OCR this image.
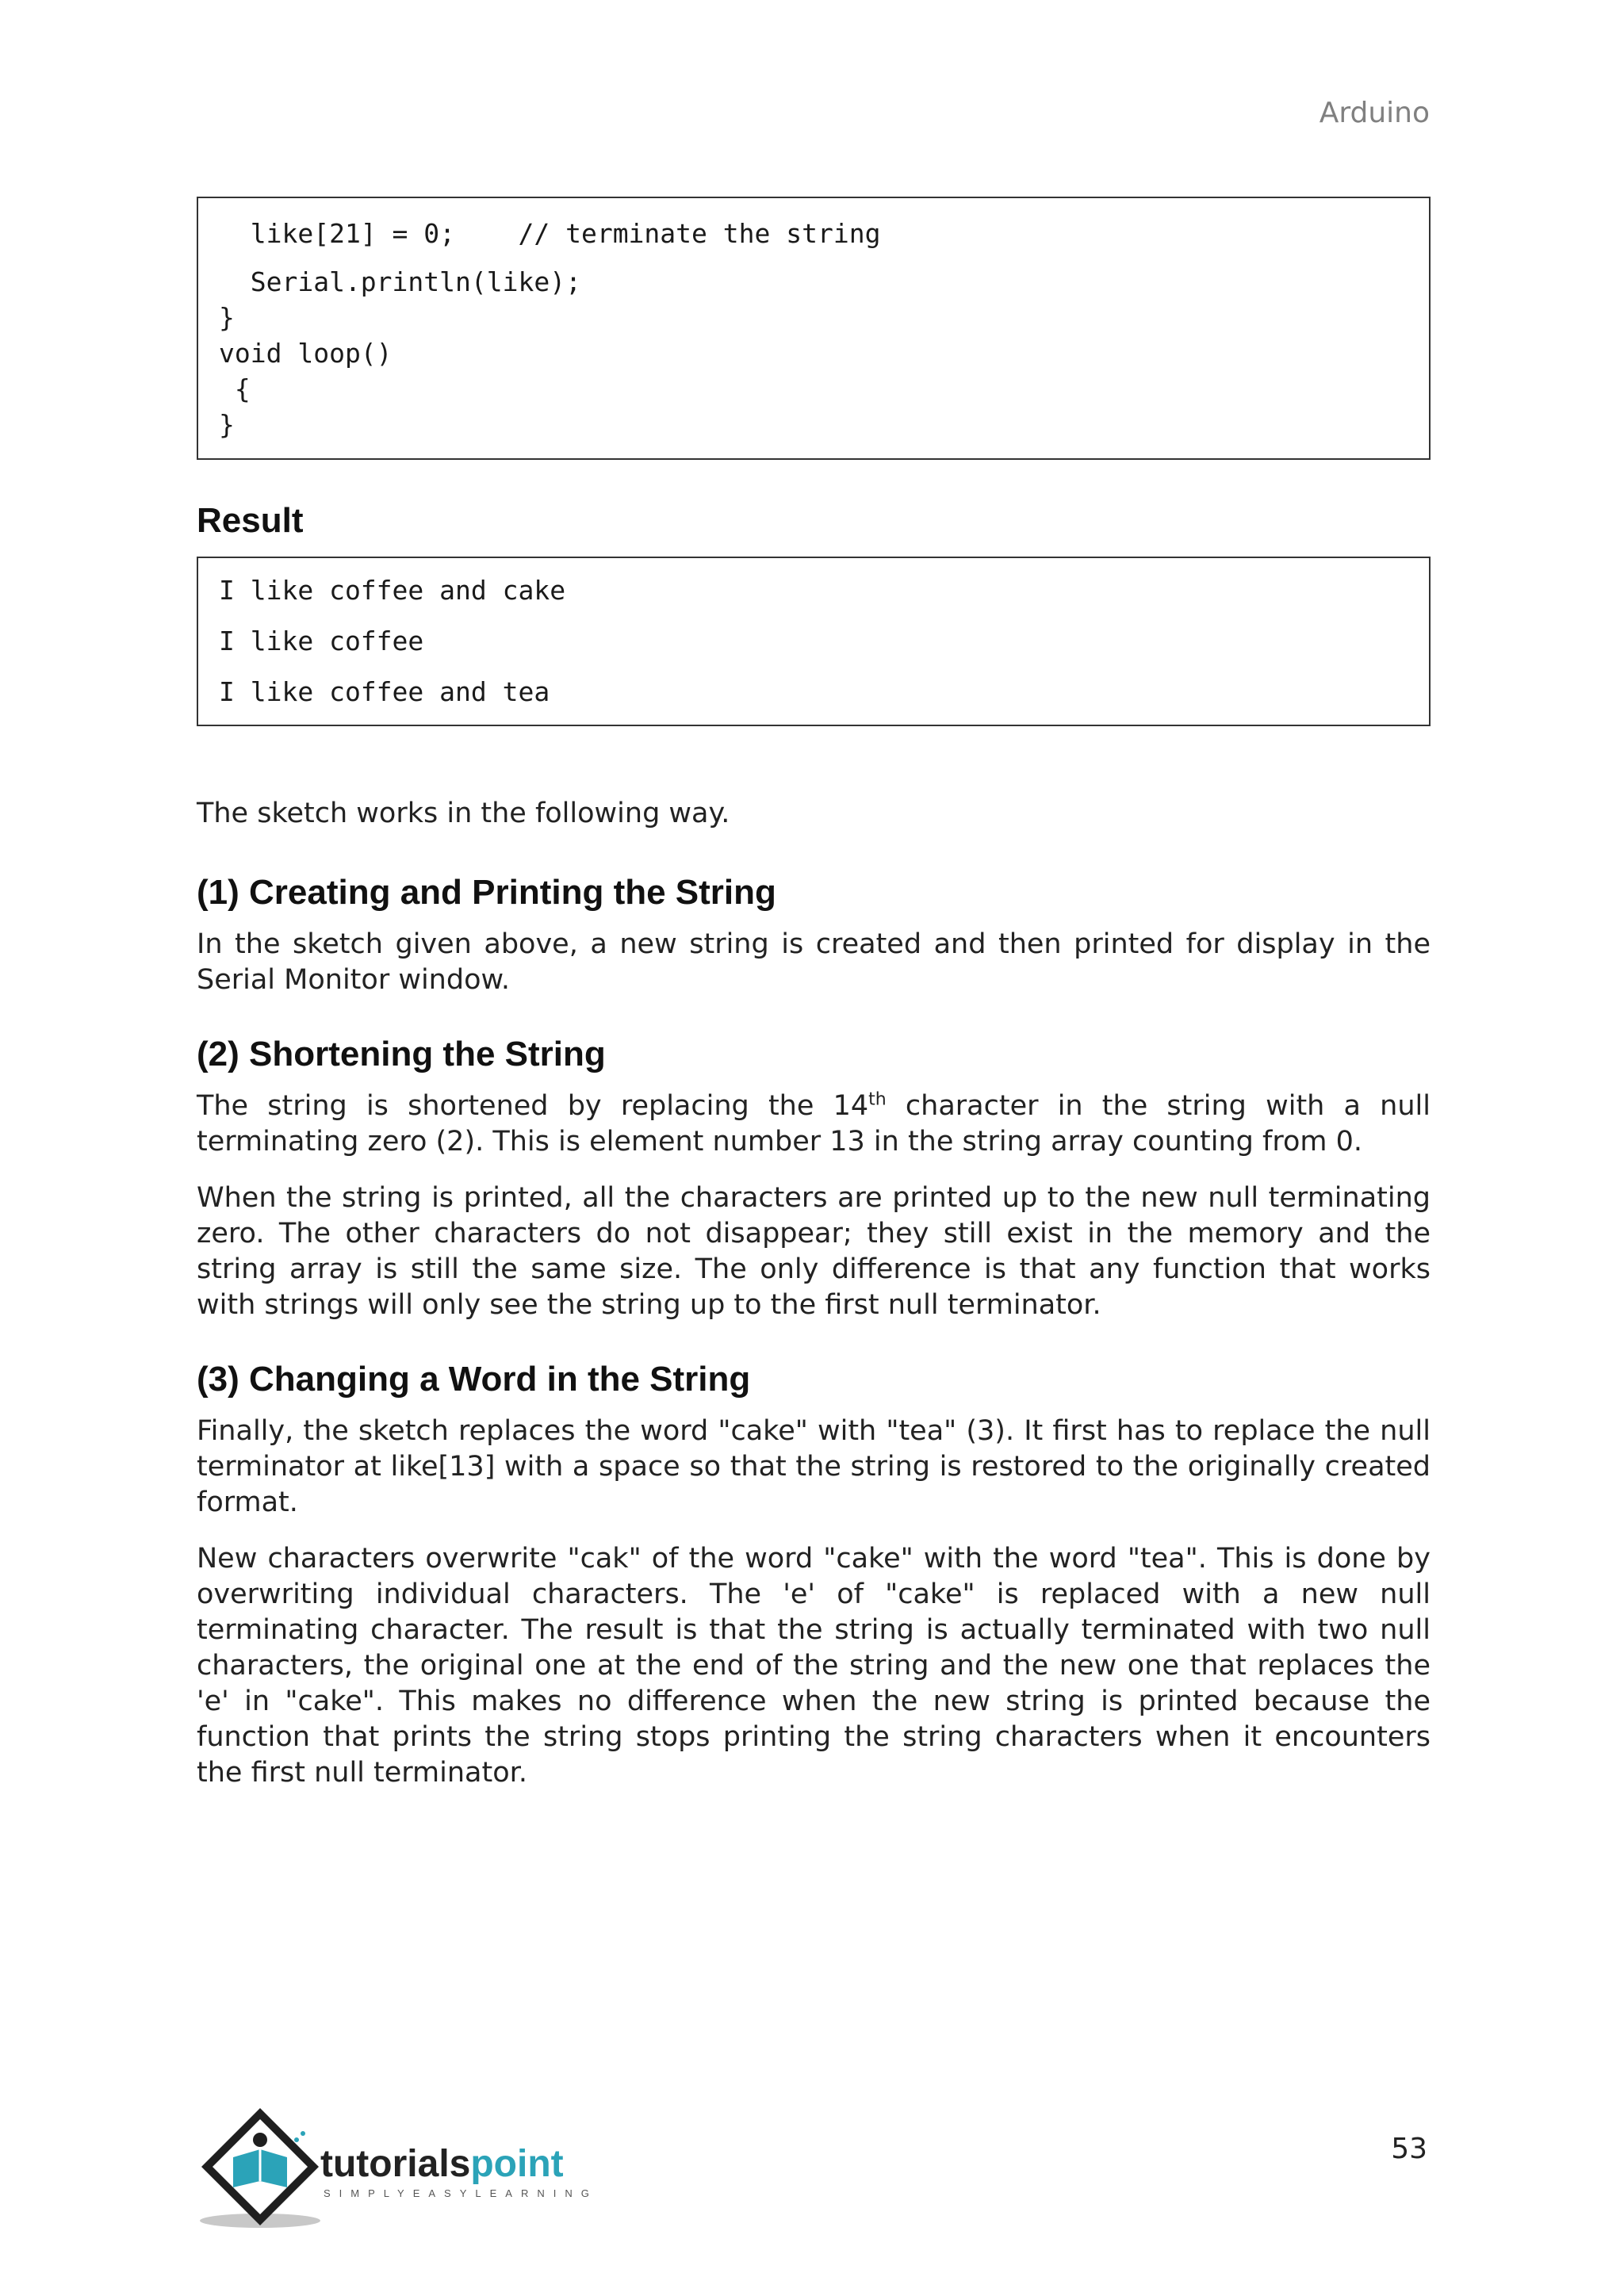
Arduino
like[21] = 0;    // terminate the string
Serial.println(like);
}
void loop()
{
}
Result
I like coffee and cake
I like coffee
I like coffee and tea

The sketch works in the following way.

(1) Creating and Printing the String

In the sketch given above, a new string is created and then printed for display in the Serial Monitor window.

(2) Shortening the String

The string is shortened by replacing the 14th character in the string with a null terminating zero (2). This is element number 13 in the string array counting from 0.

When the string is printed, all the characters are printed up to the new null terminating zero. The other characters do not disappear; they still exist in the memory and the string array is still the same size. The only difference is that any function that works with strings will only see the string up to the first null terminator.

(3) Changing a Word in the String

Finally, the sketch replaces the word "cake" with "tea" (3). It first has to replace the null terminator at like[13] with a space so that the string is restored to the originally created format.

New characters overwrite "cak" of the word "cake" with the word "tea". This is done by overwriting individual characters. The 'e' of "cake" is replaced with a new null terminating character. The result is that the string is actually terminated with two null characters, the original one at the end of the string and the new one that replaces the 'e' in "cake". This makes no difference when the new string is printed because the function that prints the string stops printing the string characters when it encounters the first null terminator.

tutorialspoint
SIMPLYEASYLEARNING
53
